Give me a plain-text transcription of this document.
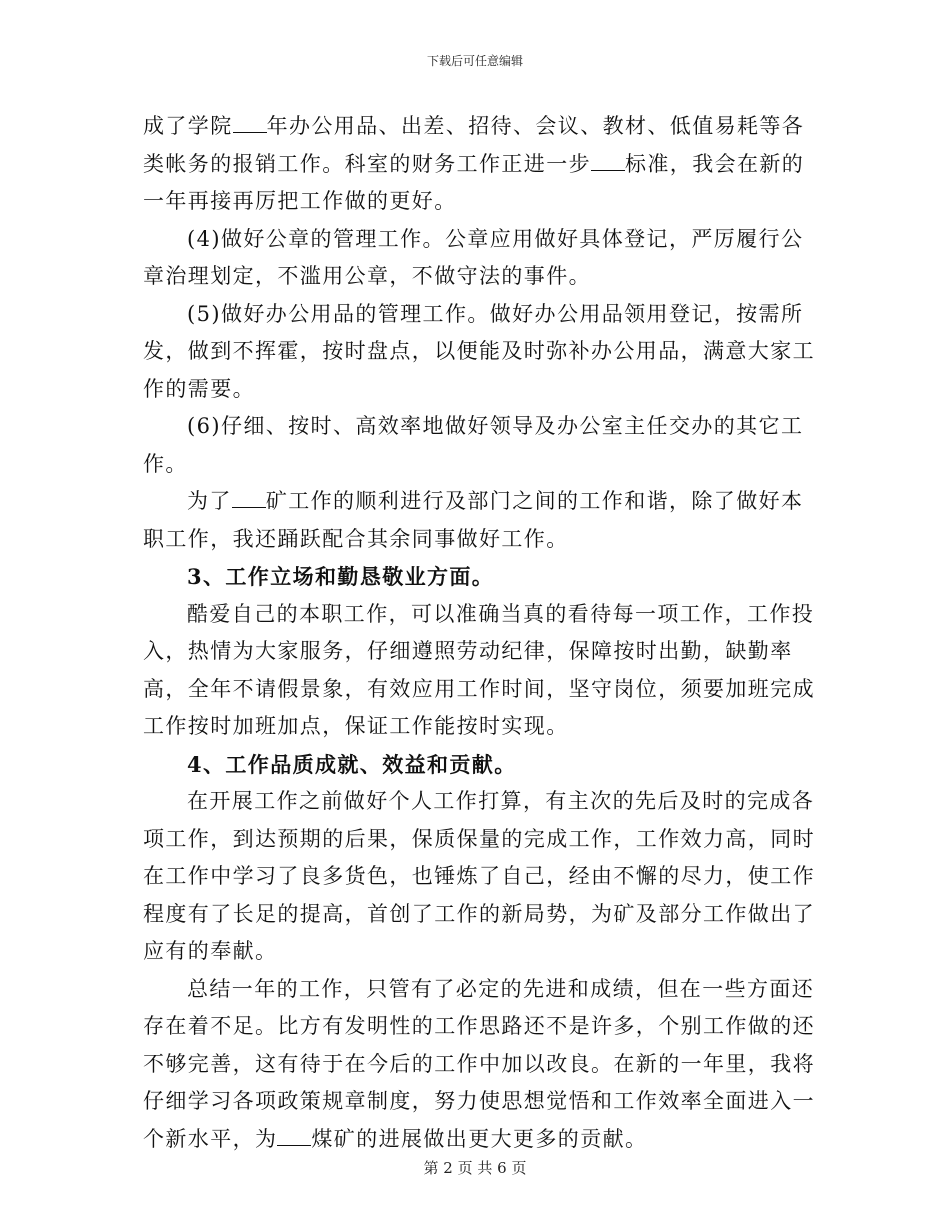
下载后可任意编辑

成了学院 年办公用品、出差、招待、会议、教材、低值易耗等各类帐务的报销工作。科室的财务工作正进一步 标准，我会在新的一年再接再厉把工作做的更好。

(4)做好公章的管理工作。公章应用做好具体登记，严厉履行公章治理划定，不滥用公章，不做守法的事件。

(5)做好办公用品的管理工作。做好办公用品领用登记，按需所发，做到不挥霍，按时盘点，以便能及时弥补办公用品，满意大家工作的需要。

(6)仔细、按时、高效率地做好领导及办公室主任交办的其它工作。

为了 矿工作的顺利进行及部门之间的工作和谐，除了做好本职工作，我还踊跃配合其余同事做好工作。

3、工作立场和勤恳敬业方面。

酷爱自己的本职工作，可以准确当真的看待每一项工作，工作投入，热情为大家服务，仔细遵照劳动纪律，保障按时出勤，缺勤率高，全年不请假景象，有效应用工作时间，坚守岗位，须要加班完成工作按时加班加点，保证工作能按时实现。

4、工作品质成就、效益和贡献。

在开展工作之前做好个人工作打算，有主次的先后及时的完成各项工作，到达预期的后果，保质保量的完成工作，工作效力高，同时在工作中学习了良多货色，也锤炼了自己，经由不懈的尽力，使工作程度有了长足的提高，首创了工作的新局势，为矿及部分工作做出了应有的奉献。

总结一年的工作，只管有了必定的先进和成绩，但在一些方面还存在着不足。比方有发明性的工作思路还不是许多，个别工作做的还不够完善，这有待于在今后的工作中加以改良。在新的一年里，我将仔细学习各项政策规章制度，努力使思想觉悟和工作效率全面进入一个新水平，为 煤矿的进展做出更大更多的贡献。

第 2 页 共 6 页
